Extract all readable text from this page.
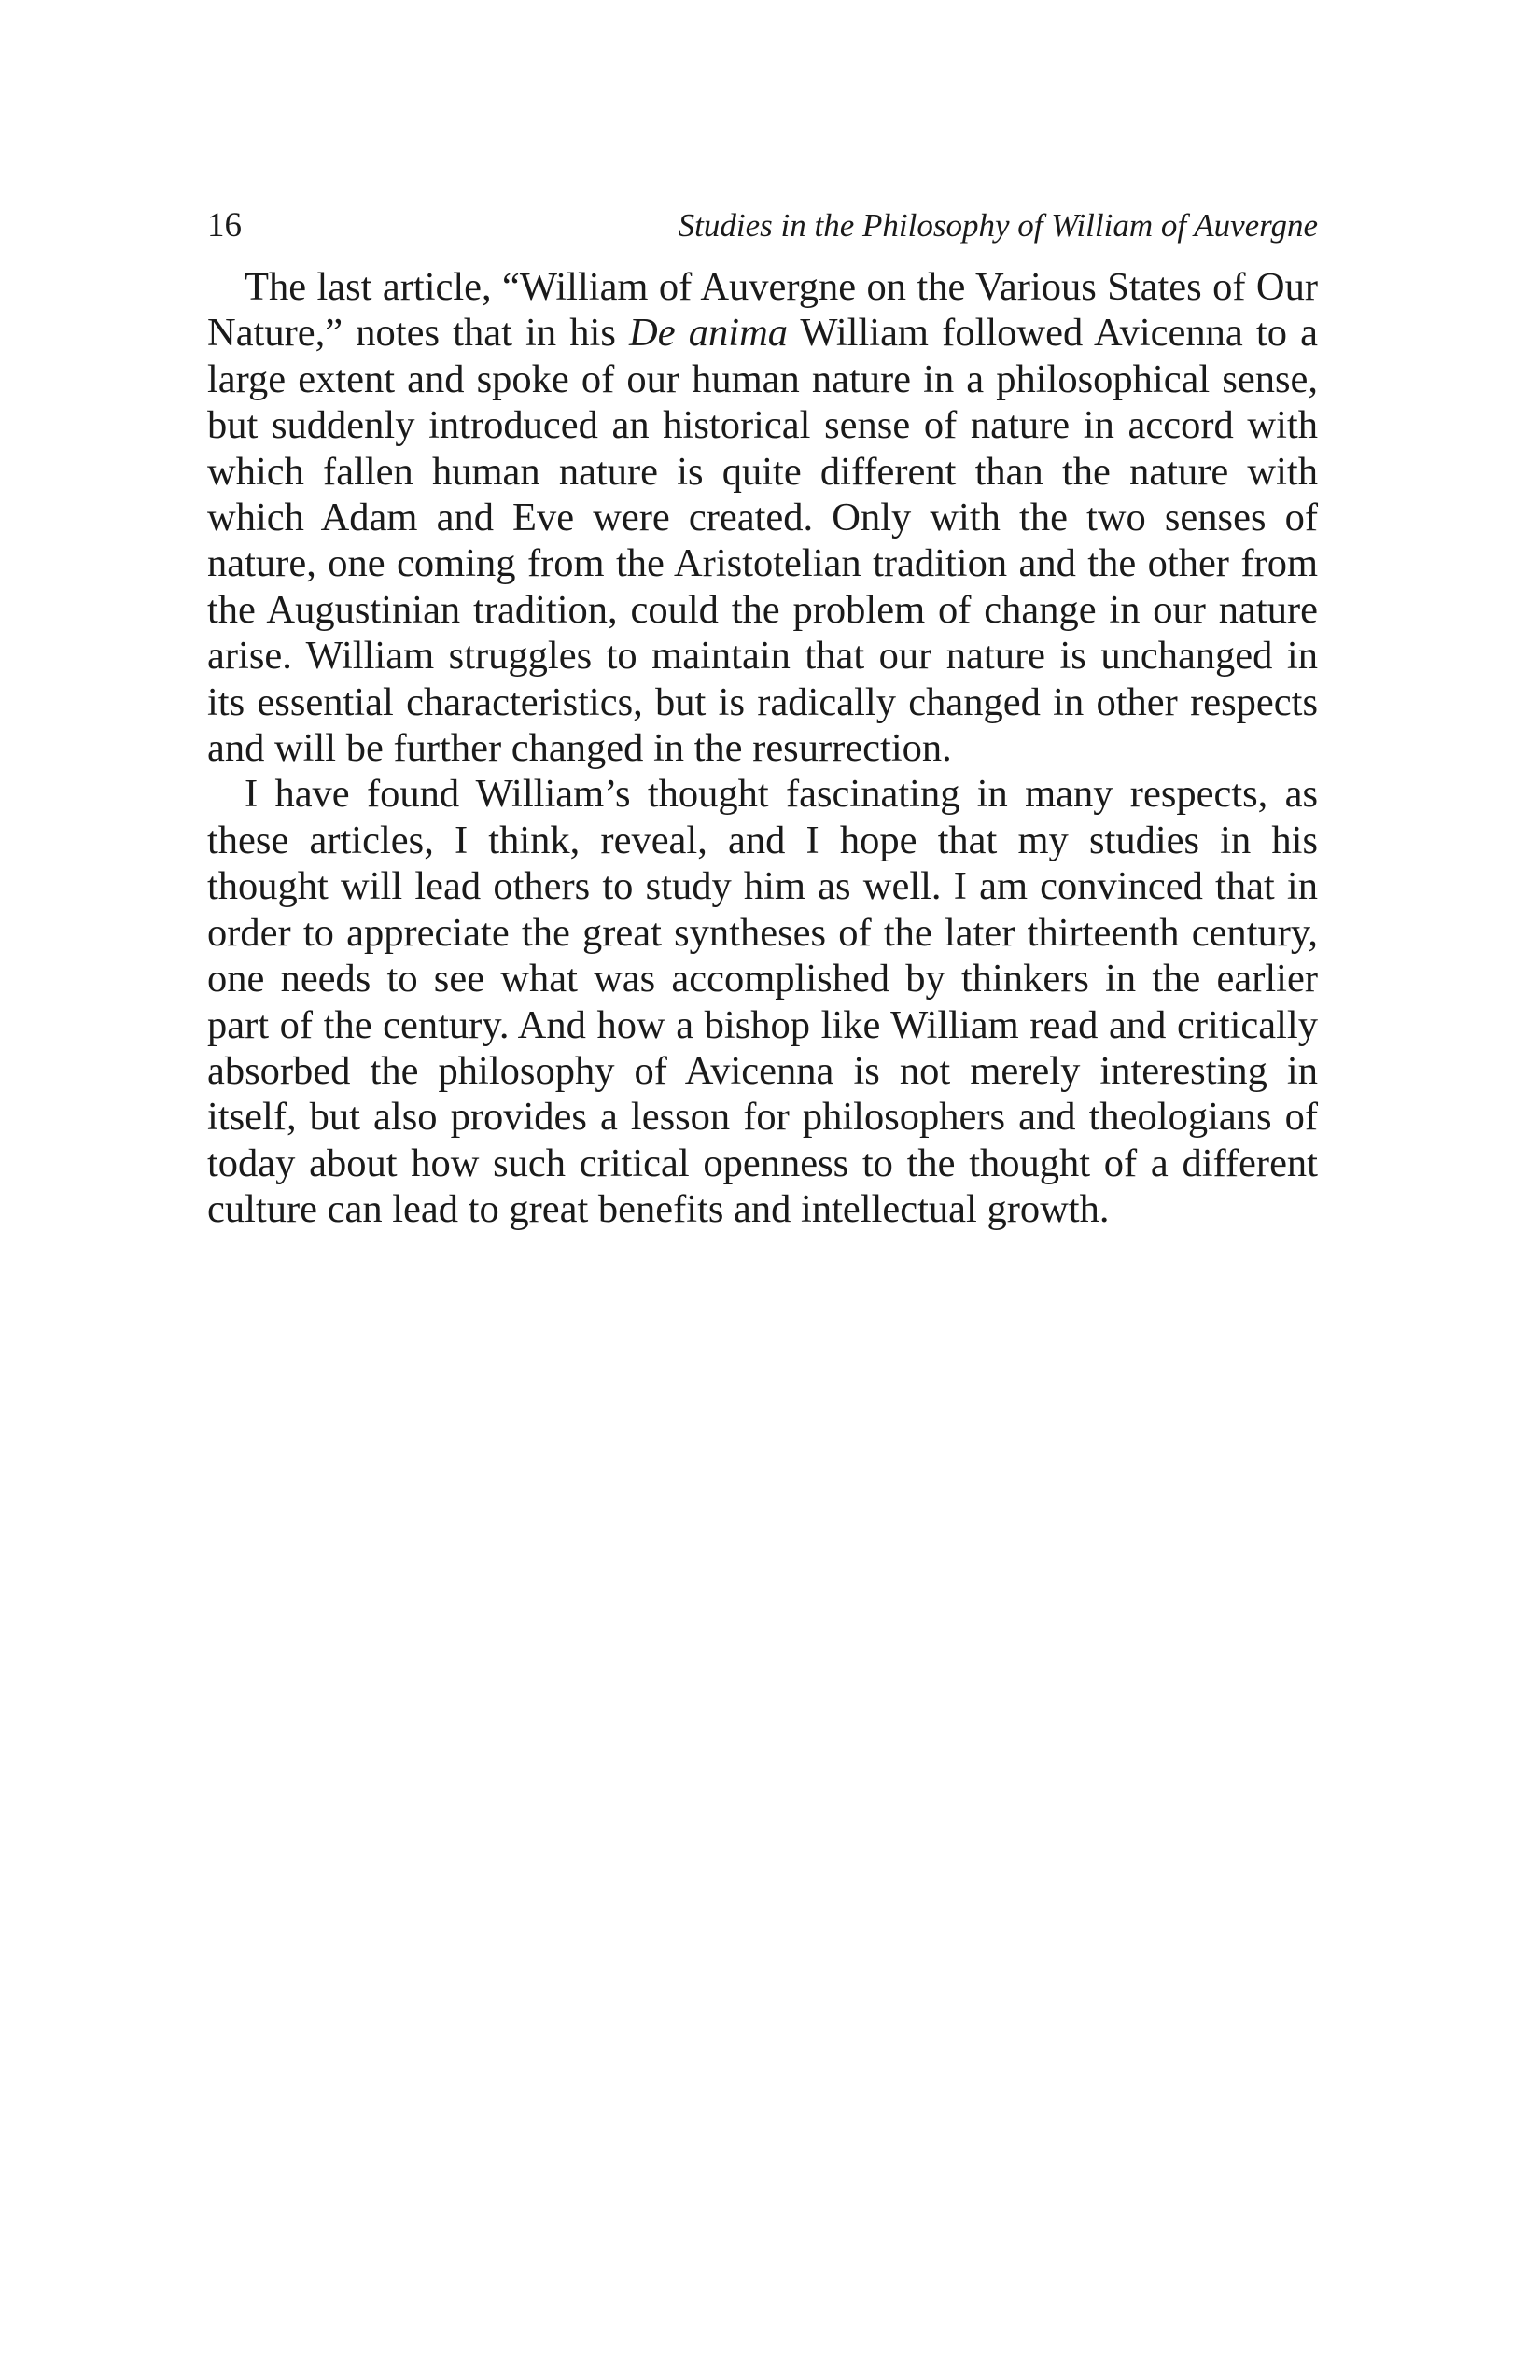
16	Studies in the Philosophy of William of Auvergne

The last article, “William of Auvergne on the Various States of Our Nature,” notes that in his De anima William followed Avicenna to a large extent and spoke of our human nature in a philosophical sense, but suddenly introduced an historical sense of nature in accord with which fallen human nature is quite different than the nature with which Adam and Eve were created. Only with the two senses of nature, one coming from the Aristotelian tradition and the other from the Augustinian tradition, could the problem of change in our nature arise. William struggles to maintain that our nature is unchanged in its essential characteristics, but is radically changed in other respects and will be further changed in the resurrection.

I have found William’s thought fascinating in many respects, as these articles, I think, reveal, and I hope that my studies in his thought will lead others to study him as well. I am convinced that in order to appreciate the great syntheses of the later thirteenth century, one needs to see what was accomplished by thinkers in the earlier part of the century. And how a bishop like William read and critically absorbed the philosophy of Avicenna is not merely interesting in itself, but also provides a lesson for philosophers and theologians of today about how such critical openness to the thought of a different culture can lead to great benefits and intellectual growth.
